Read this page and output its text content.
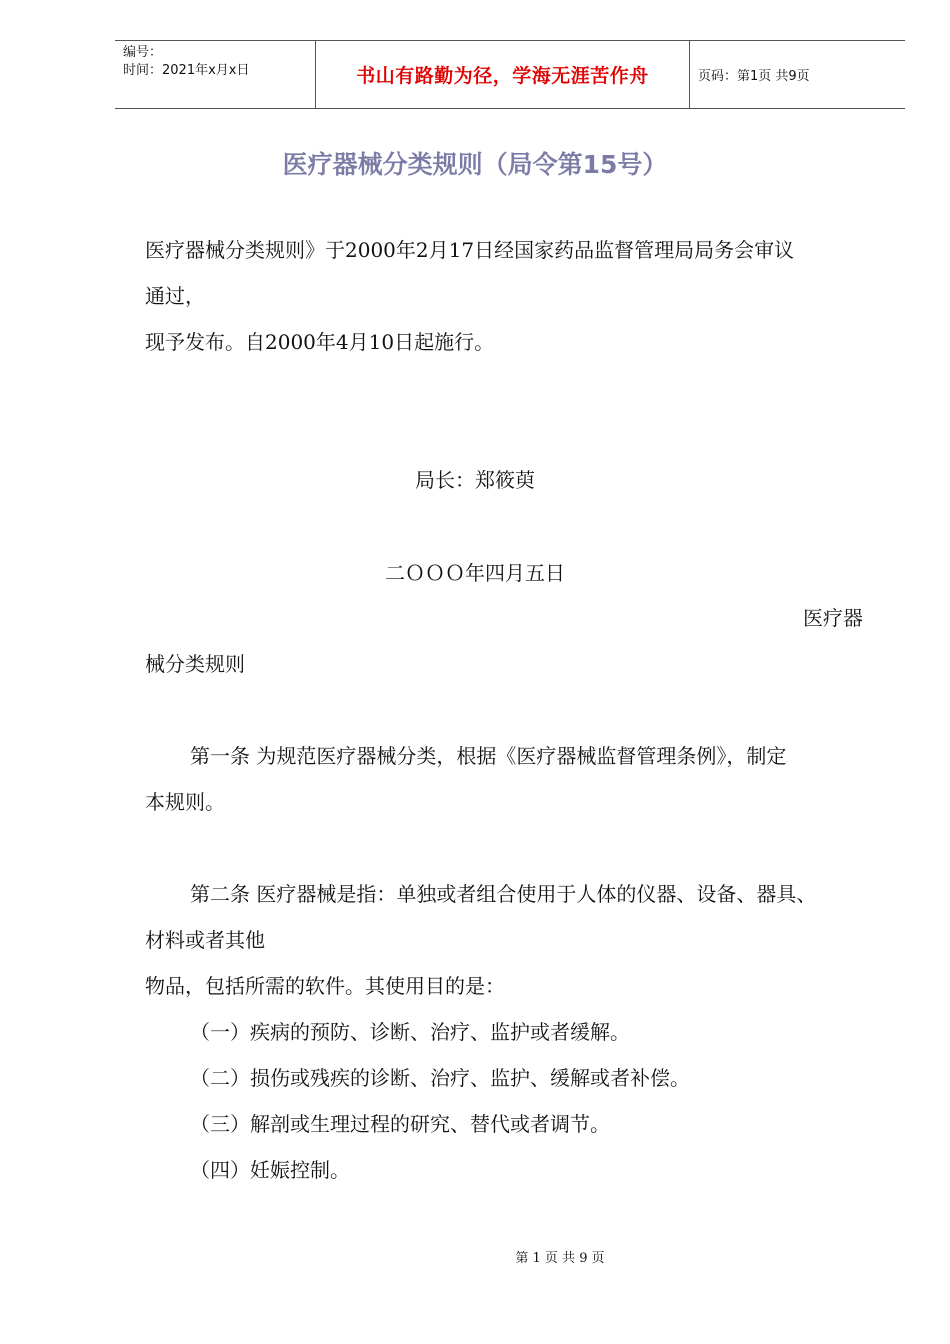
编号：
时间：2021年x月x日	书山有路勤为径，学海无涯苦作舟	页码：第1页 共9页
医疗器械分类规则（局令第15号）
医疗器械分类规则》于2000年2月17日经国家药品监督管理局局务会审议
通过，
现予发布。自2000年4月10日起施行。
局长：郑筱萸
二ＯＯＯ年四月五日
医疗器
械分类规则
第一条 为规范医疗器械分类，根据《医疗器械监督管理条例》，制定
本规则。
第二条 医疗器械是指：单独或者组合使用于人体的仪器、设备、器具、
材料或者其他
物品，包括所需的软件。其使用目的是：
（一）疾病的预防、诊断、治疗、监护或者缓解。
（二）损伤或残疾的诊断、治疗、监护、缓解或者补偿。
（三）解剖或生理过程的研究、替代或者调节。
（四）妊娠控制。
第 1 页 共 9 页
